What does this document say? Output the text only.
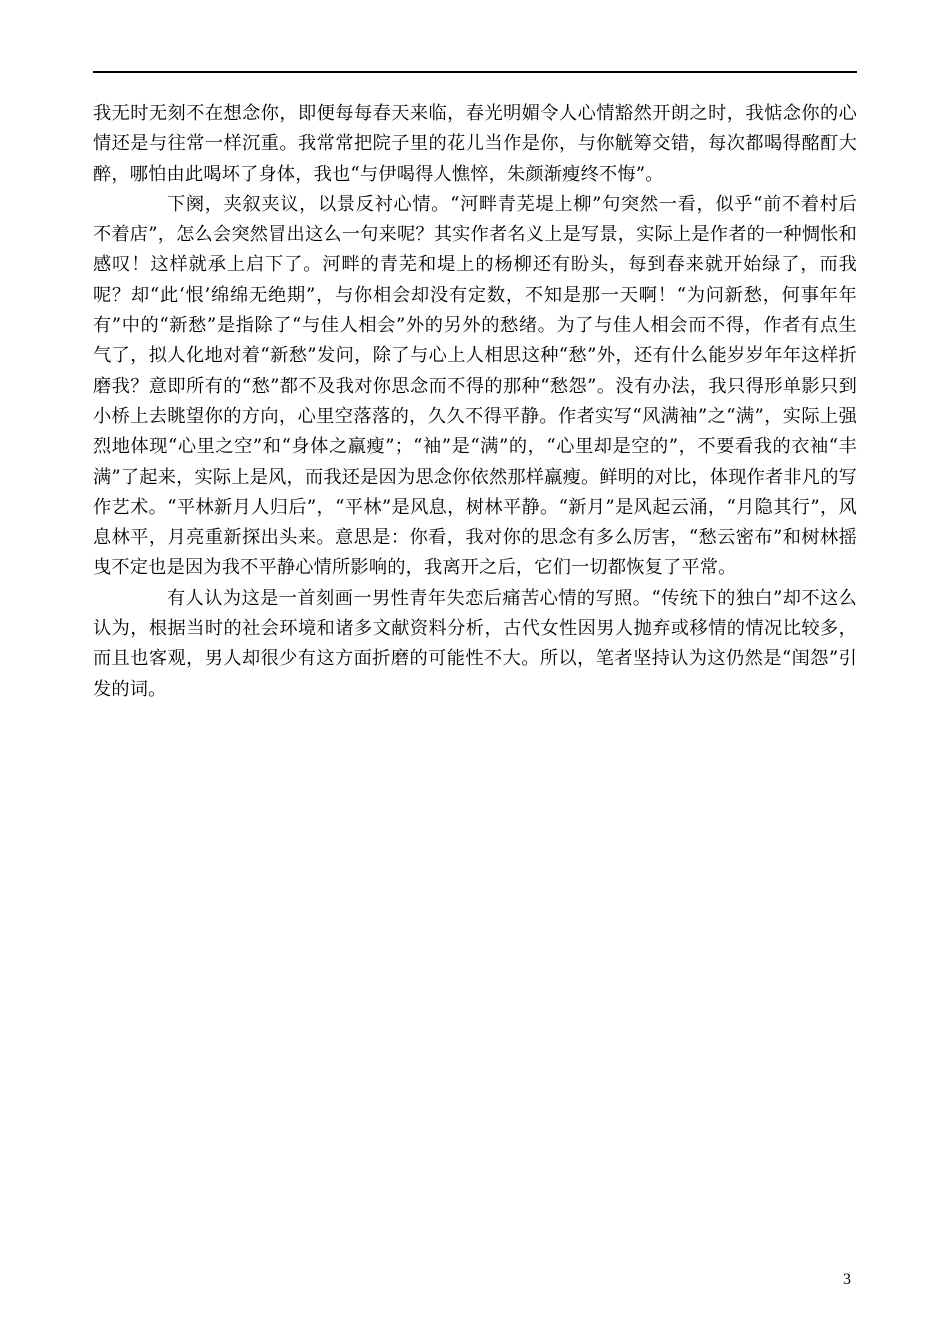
我无时无刻不在想念你，即便每每春天来临，春光明媚令人心情豁然开朗之时，我惦念你的心情还是与往常一样沉重。我常常把院子里的花儿当作是你，与你觥筹交错，每次都喝得酩酊大醉，哪怕由此喝坏了身体，我也“与伊喝得人憔悴，朱颜渐瘦终不悔”。

下阕，夹叙夹议，以景反衬心情。“河畔青芜堤上柳”句突然一看，似乎“前不着村后不着店”，怎么会突然冒出这么一句来呢？其实作者名义上是写景，实际上是作者的一种惆怅和感叹！这样就承上启下了。河畔的青芜和堤上的杨柳还有盼头，每到春来就开始绿了，而我呢？却“此‘恨’绵绵无绝期”，与你相会却没有定数，不知是那一天啊！“为问新愁，何事年年有”中的“新愁”是指除了“与佳人相会”外的另外的愁绪。为了与佳人相会而不得，作者有点生气了，拟人化地对着“新愁”发问，除了与心上人相思这种“愁”外，还有什么能岁岁年年这样折磨我？意即所有的“愁”都不及我对你思念而不得的那种“愁怨”。没有办法，我只得形单影只到小桥上去眺望你的方向，心里空落落的，久久不得平静。作者实写“风满袖”之“满”，实际上强烈地体现“心里之空”和“身体之羸瘦”；“袖”是“满”的，“心里却是空的”，不要看我的衣袖“丰满”了起来，实际上是风，而我还是因为思念你依然那样羸瘦。鲜明的对比，体现作者非凡的写作艺术。“平林新月人归后”，“平林”是风息，树林平静。“新月”是风起云涌，“月隐其行”，风息林平，月亮重新探出头来。意思是：你看，我对你的思念有多么厉害，“愁云密布”和树林摇曳不定也是因为我不平静心情所影响的，我离开之后，它们一切都恢复了平常。

有人认为这是一首刻画一男性青年失恋后痛苦心情的写照。“传统下的独白”却不这么认为，根据当时的社会环境和诸多文献资料分析，古代女性因男人抛弃或移情的情况比较多，而且也客观，男人却很少有这方面折磨的可能性不大。所以，笔者坚持认为这仍然是“闺怨”引发的词。

3
